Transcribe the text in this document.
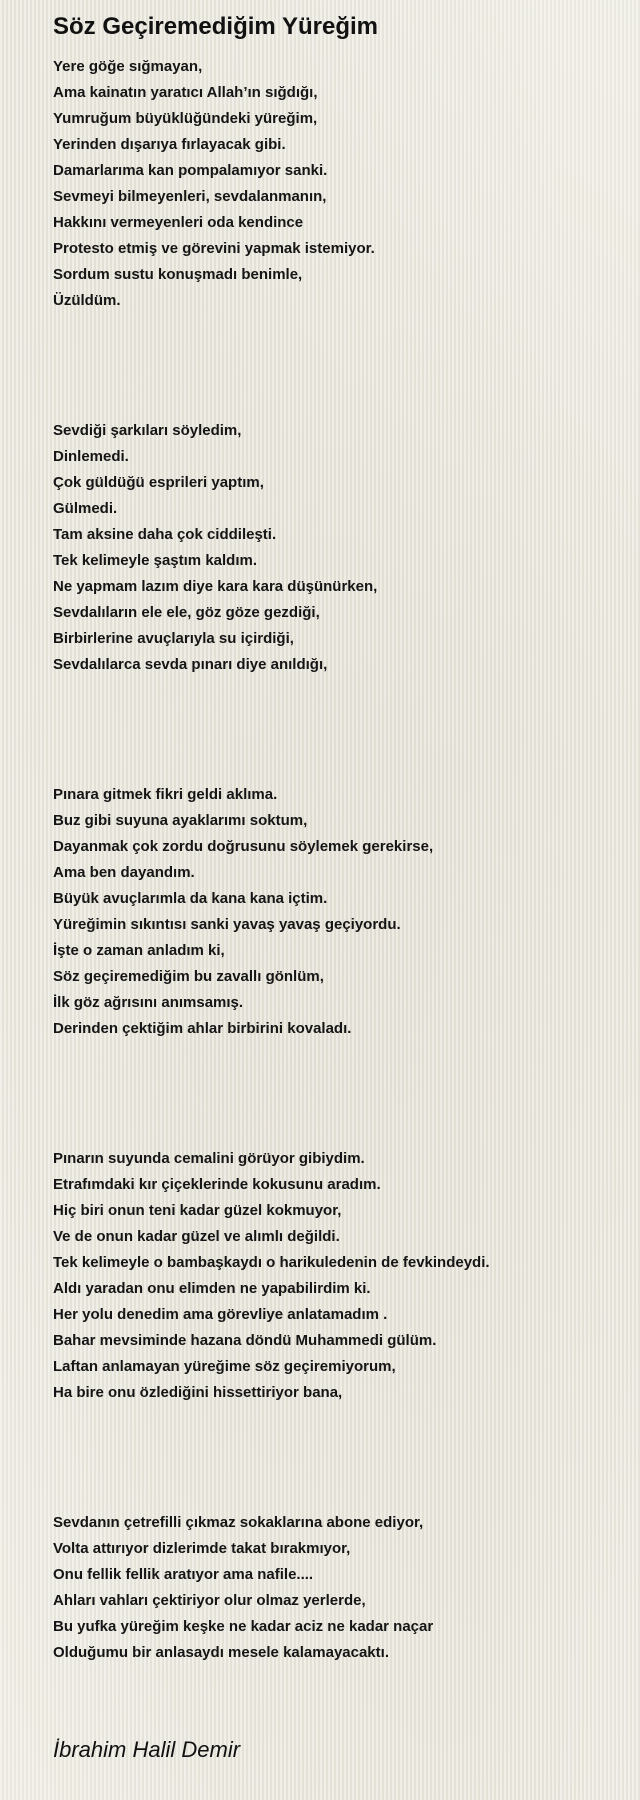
Söz Geçiremediğim Yüreğim
Yere göğe sığmayan,
Ama kainatın yaratıcı Allah’ın sığdığı,
Yumruğum büyüklüğündeki yüreğim,
Yerinden dışarıya fırlayacak gibi.
Damarlarıma kan pompalamıyor sanki.
Sevmeyi bilmeyenleri, sevdalanmanın,
Hakkını vermeyenleri oda kendince
Protesto etmiş ve görevini yapmak istemiyor.
Sordum sustu konuşmadı benimle,
Üzüldüm.
Sevdiği şarkıları söyledim,
Dinlemedi.
Çok güldüğü esprileri yaptım,
Gülmedi.
Tam aksine daha çok ciddileşti.
Tek kelimeyle şaştım kaldım.
Ne yapmam lazım diye kara kara düşünürken,
Sevdalıların ele ele, göz göze gezdiği,
Birbirlerine avuçlarıyla su içirdiği,
Sevdalılarca sevda pınarı diye anıldığı,
Pınara gitmek fikri geldi aklıma.
Buz gibi suyuna ayaklarımı soktum,
Dayanmak çok zordu doğrusunu söylemek gerekirse,
Ama ben dayandım.
Büyük avuçlarımla da kana kana içtim.
Yüreğimin sıkıntısı sanki yavaş yavaş geçiyordu.
İşte o zaman anladım ki,
Söz geçiremediğim bu zavallı gönlüm,
İlk göz ağrısını anımsamış.
Derinden çektiğim ahlar birbirini kovaladı.
Pınarın suyunda cemalini görüyor gibiydim.
Etrafımdaki kır çiçeklerinde kokusunu aradım.
Hiç biri onun teni kadar güzel kokmuyor,
Ve de onun kadar güzel ve alımlı değildi.
Tek kelimeyle o bambaşkaydı o harikuledenin de fevkindeydi.
Aldı yaradan onu elimden ne yapabilirdim ki.
Her yolu denedim ama görevliye anlatamadım .
Bahar mevsiminde hazana döndü Muhammedi gülüm.
Laftan anlamayan yüreğime söz geçiremiyorum,
Ha bire onu özlediğini hissettiriyor bana,
Sevdanın çetrefilli çıkmaz sokaklarına abone ediyor,
Volta attırıyor dizlerimde takat bırakmıyor,
Onu fellik fellik aratıyor ama nafile....
Ahları vahları çektiriyor olur olmaz yerlerde,
Bu yufka yüreğim keşke ne kadar aciz ne kadar naçar
Olduğumu bir anlasaydı mesele kalamayacaktı.
İbrahim Halil Demir
